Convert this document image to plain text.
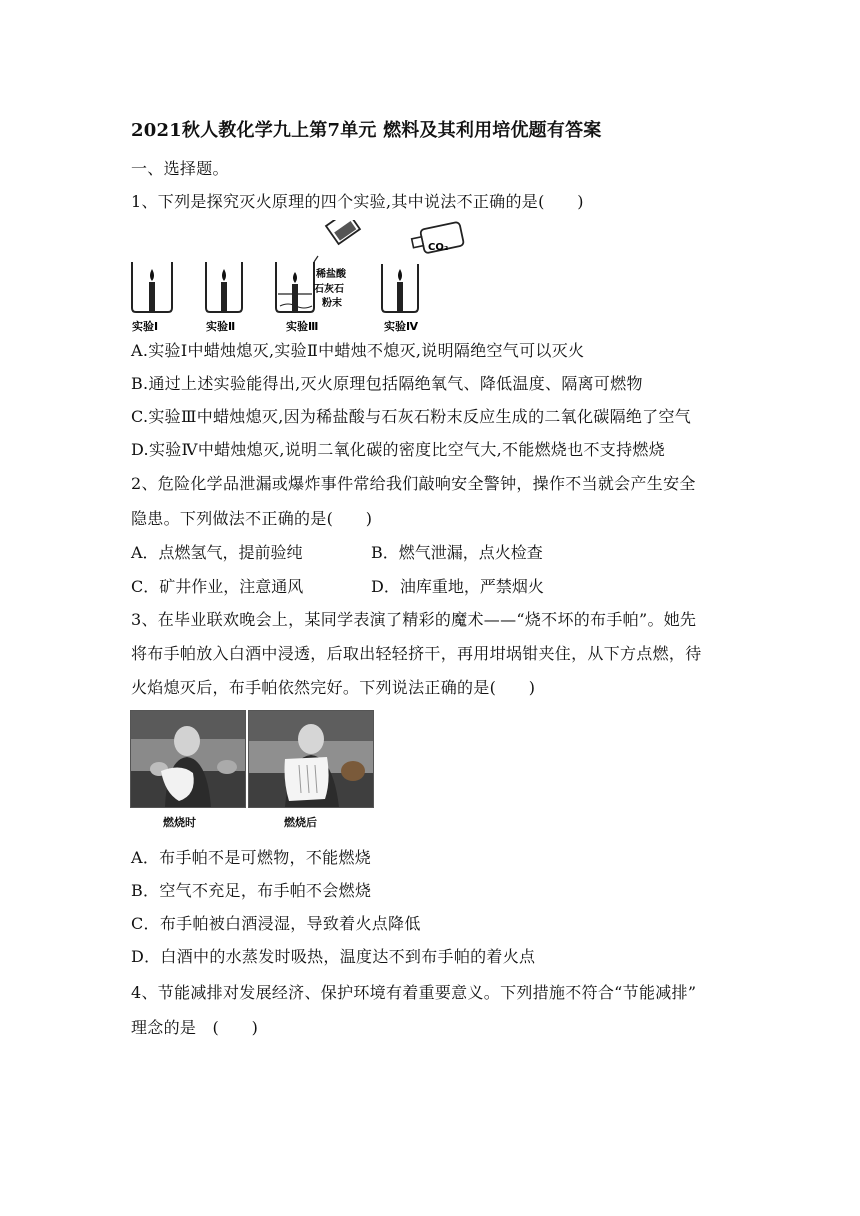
2021秋人教化学九上第7单元 燃料及其利用培优题有答案
一、选择题。
1、下列是探究灭火原理的四个实验,其中说法不正确的是(　　)
稀盐酸
石灰石
粉末
CO₂
实验Ⅰ	实验Ⅱ	实验Ⅲ	实验Ⅳ
A.实验Ⅰ中蜡烛熄灭,实验Ⅱ中蜡烛不熄灭,说明隔绝空气可以灭火
B.通过上述实验能得出,灭火原理包括隔绝氧气、降低温度、隔离可燃物
C.实验Ⅲ中蜡烛熄灭,因为稀盐酸与石灰石粉末反应生成的二氧化碳隔绝了空气
D.实验Ⅳ中蜡烛熄灭,说明二氧化碳的密度比空气大,不能燃烧也不支持燃烧
2、危险化学品泄漏或爆炸事件常给我们敲响安全警钟，操作不当就会产生安全
隐患。下列做法不正确的是(　　)
A．点燃氢气，提前验纯	B．燃气泄漏，点火检查
C．矿井作业，注意通风	D．油库重地，严禁烟火
3、在毕业联欢晚会上，某同学表演了精彩的魔术——“烧不坏的布手帕”。她先
将布手帕放入白酒中浸透，后取出轻轻挤干，再用坩埚钳夹住，从下方点燃，待
火焰熄灭后，布手帕依然完好。下列说法正确的是(　　)
燃烧时	燃烧后
A．布手帕不是可燃物，不能燃烧
B．空气不充足，布手帕不会燃烧
C．布手帕被白酒浸湿，导致着火点降低
D．白酒中的水蒸发时吸热，温度达不到布手帕的着火点
4、节能减排对发展经济、保护环境有着重要意义。下列措施不符合“节能减排”
理念的是　(　　)
